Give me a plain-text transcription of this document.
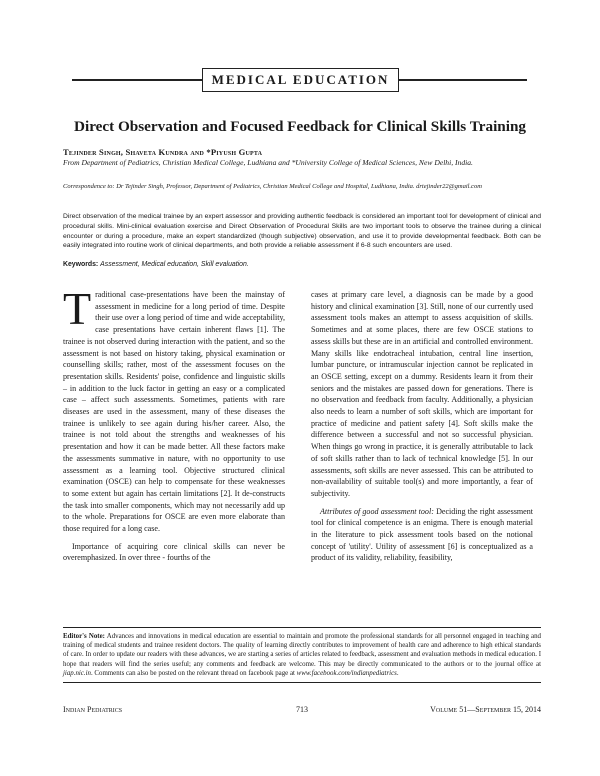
MEDICAL EDUCATION
Direct Observation and Focused Feedback for Clinical Skills Training
Tejinder Singh, Shaveta Kundra and *Piyush Gupta
From Department of Pediatrics, Christian Medical College, Ludhiana and *University College of Medical Sciences, New Delhi, India.
Correspondence to: Dr Tejinder Singh, Professor, Department of Pediatrics, Christian Medical College and Hospital, Ludhiana, India. drtejinder22@gmail.com
Direct observation of the medical trainee by an expert assessor and providing authentic feedback is considered an important tool for development of clinical and procedural skills. Mini-clinical evaluation exercise and Direct Observation of Procedural Skills are two important tools to observe the trainee during a clinical encounter or during a procedure, make an expert standardized (though subjective) observation, and use it to provide developmental feedback. Both can be easily integrated into routine work of clinical departments, and both provide a reliable assessment if 6-8 such encounters are used.
Keywords: Assessment, Medical education, Skill evaluation.

Traditional case-presentations have been the mainstay of assessment in medicine for a long period of time. Despite their use over a long period of time and wide acceptability, case presentations have certain inherent flaws [1]. The trainee is not observed during interaction with the patient, and so the assessment is not based on history taking, physical examination or counselling skills; rather, most of the assessment focuses on the presentation skills. Residents' poise, confidence and linguistic skills – in addition to the luck factor in getting an easy or a complicated case – affect such assessments. Sometimes, patients with rare diseases are used in the assessment, many of these diseases the trainee is unlikely to see again during his/her career. Also, the trainee is not told about the strengths and weaknesses of his presentation and how it can be made better. All these factors make the assessments summative in nature, with no opportunity to use assessment as a learning tool. Objective structured clinical examination (OSCE) can help to compensate for these weaknesses to some extent but again has certain limitations [2]. It de-constructs the task into smaller components, which may not necessarily add up to the whole. Preparations for OSCE are even more elaborate than those required for a long case.

Importance of acquiring core clinical skills can never be overemphasized. In over three - fourths of the

cases at primary care level, a diagnosis can be made by a good history and clinical examination [3]. Still, none of our currently used assessment tools makes an attempt to assess acquisition of skills. Sometimes and at some places, there are few OSCE stations to assess skills but these are in an artificial and controlled environment. Many skills like endotracheal intubation, central line insertion, lumbar puncture, or intramuscular injection cannot be replicated in an OSCE setting, except on a dummy. Residents learn it from their seniors and the mistakes are passed down for generations. There is no observation and feedback from faculty. Additionally, a physician also needs to learn a number of soft skills, which are important for practice of medicine and patient safety [4]. Soft skills make the difference between a successful and not so successful physician. When things go wrong in practice, it is generally attributable to lack of soft skills rather than to lack of technical knowledge [5]. In our assessments, soft skills are never assessed. This can be attributed to non-availability of suitable tool(s) and more importantly, a fear of subjectivity.

Attributes of good assessment tool: Deciding the right assessment tool for clinical competence is an enigma. There is enough material in the literature to pick assessment tools based on the notional concept of 'utility'. Utility of assessment [6] is conceptualized as a product of its validity, reliability, feasibility,

Editor's Note: Advances and innovations in medical education are essential to maintain and promote the professional standards for all personnel engaged in teaching and training of medical students and trainee resident doctors. The quality of learning directly contributes to improvement of health care and adherence to high ethical standards of care. In order to update our readers with these advances, we are starting a series of articles related to feedback, assessment and evaluation methods in medical education. I hope that readers will find the series useful; any comments and feedback are welcome. This may be directly communicated to the authors or to the journal office at jiap.nic.in. Comments can also be posted on the relevant thread on facebook page at www.facebook.com/indianpediatrics.
Indian Pediatrics	713	Volume 51—September 15, 2014
